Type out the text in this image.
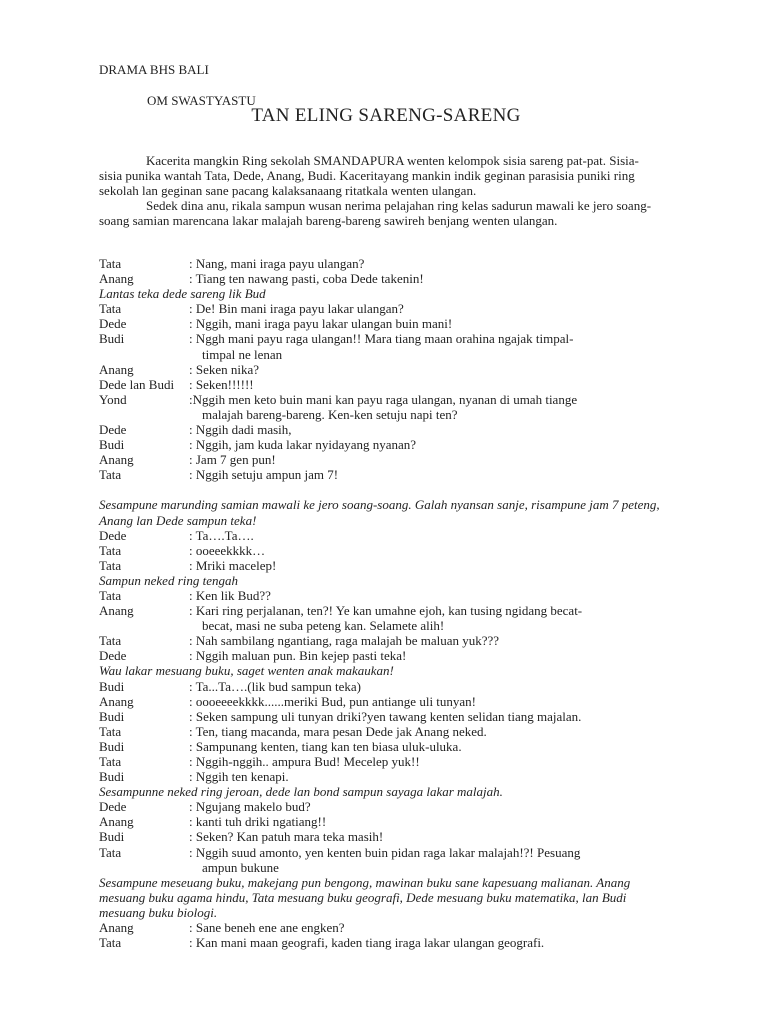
DRAMA BHS BALI
OM SWASTYASTU
TAN ELING SARENG-SARENG
Kacerita mangkin Ring sekolah SMANDAPURA wenten kelompok sisia sareng pat-pat. Sisia-sisia punika wantah Tata, Dede, Anang, Budi. Kaceritayang mankin indik geginan parasisia puniki ring sekolah lan geginan sane pacang kalaksanaang ritatkala wenten ulangan.
Sedek dina anu, rikala sampun wusan nerima pelajahan ring kelas sadurun mawali ke jero soang-soang samian marencana lakar malajah bareng-bareng sawireh benjang wenten ulangan.
Tata	: Nang, mani iraga payu ulangan?
Anang	: Tiang ten nawang pasti, coba Dede takenin!
Lantas teka dede sareng lik Bud
Tata	: De! Bin mani iraga payu lakar ulangan?
Dede	: Nggih, mani iraga payu lakar ulangan buin mani!
Budi	: Nggh mani payu raga ulangan!! Mara tiang maan orahina ngajak timpal-
timpal ne lenan
Anang	: Seken nika?
Dede lan Budi : Seken!!!!!!
Yond	:Nggih men keto buin mani kan payu raga ulangan, nyanan di umah tiange
malajah bareng-bareng. Ken-ken setuju napi ten?
Dede	: Nggih dadi masih,
Budi	: Nggih, jam kuda lakar nyidayang nyanan?
Anang	: Jam 7 gen pun!
Tata	: Nggih setuju ampun jam 7!
Sesampune marunding samian mawali ke jero soang-soang. Galah nyansan sanje, risampune jam 7 peteng, Anang lan Dede sampun teka!
Dede	: Ta….Ta….
Tata	: ooeeekkkk…
Tata	: Mriki macelep!
Sampun neked ring tengah
Tata	: Ken lik Bud??
Anang	: Kari ring perjalanan, ten?! Ye kan umahne ejoh, kan tusing ngidang becat-
becat, masi ne suba peteng kan. Selamete alih!
Tata	: Nah sambilang ngantiang, raga malajah be maluan yuk???
Dede	: Nggih maluan pun. Bin kejep pasti teka!
Wau lakar mesuang buku, saget wenten anak makaukan!
Budi	: Ta...Ta….(lik bud sampun teka)
Anang	: oooeeeekkkk......meriki Bud, pun antiange uli tunyan!
Budi	: Seken sampung uli tunyan driki?yen tawang kenten selidan tiang majalan.
Tata	: Ten, tiang macanda, mara pesan Dede jak Anang neked.
Budi	: Sampunang kenten, tiang kan ten biasa uluk-uluka.
Tata	: Nggih-nggih.. ampura Bud! Mecelep yuk!!
Budi	: Nggih ten kenapi.
Sesampunne neked ring jeroan, dede lan bond sampun sayaga lakar malajah.
Dede	: Ngujang makelo bud?
Anang	: kanti tuh driki ngatiang!!
Budi	: Seken? Kan patuh mara teka masih!
Tata	: Nggih suud amonto, yen kenten buin pidan raga lakar malajah!?! Pesuang
ampun bukune
Sesampune meseuang buku, makejang pun bengong, mawinan buku sane kapesuang malianan. Anang mesuang buku agama hindu, Tata mesuang buku geografi, Dede mesuang buku matematika, lan Budi mesuang buku biologi.
Anang	: Sane beneh ene ane engken?
Tata	: Kan mani maan geografi, kaden tiang iraga lakar ulangan geografi.
